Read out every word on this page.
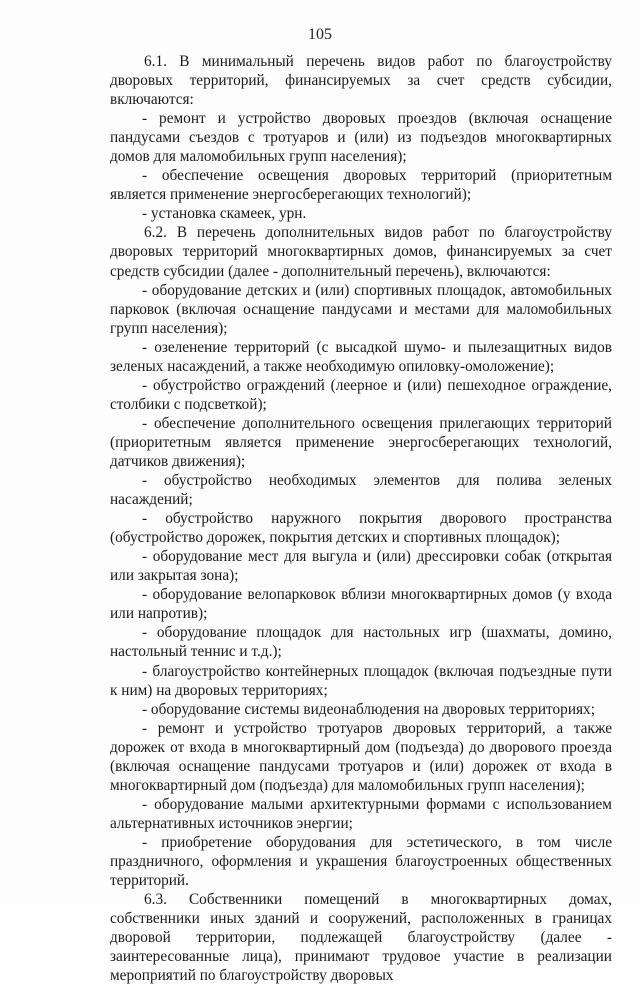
105

6.1. В минимальный перечень видов работ по благоустройству дворовых территорий, финансируемых за счет средств субсидии, включаются:

- ремонт и устройство дворовых проездов (включая оснащение пандусами съездов с тротуаров и (или) из подъездов многоквартирных домов для маломобильных групп населения);

- обеспечение освещения дворовых территорий (приоритетным является применение энергосберегающих технологий);

- установка скамеек, урн.

6.2. В перечень дополнительных видов работ по благоустройству дворовых территорий многоквартирных домов, финансируемых за счет средств субсидии (далее - дополнительный перечень), включаются:

- оборудование детских и (или) спортивных площадок, автомобильных парковок (включая оснащение пандусами и местами для маломобильных групп населения);

- озеленение территорий (с высадкой шумо- и пылезащитных видов зеленых насаждений, а также необходимую опиловку-омоложение);

- обустройство ограждений (леерное и (или) пешеходное ограждение, столбики с подсветкой);

- обеспечение дополнительного освещения прилегающих территорий (приоритетным является применение энергосберегающих технологий, датчиков движения);

- обустройство необходимых элементов для полива зеленых насаждений;

- обустройство наружного покрытия дворового пространства (обустройство дорожек, покрытия детских и спортивных площадок);

- оборудование мест для выгула и (или) дрессировки собак (открытая или закрытая зона);

- оборудование велопарковок вблизи многоквартирных домов (у входа или напротив);

- оборудование площадок для настольных игр (шахматы, домино, настольный теннис и т.д.);

- благоустройство контейнерных площадок (включая подъездные пути к ним) на дворовых территориях;

- оборудование системы видеонаблюдения на дворовых территориях;

- ремонт и устройство тротуаров дворовых территорий, а также дорожек от входа в многоквартирный дом (подъезда) до дворового проезда (включая оснащение пандусами тротуаров и (или) дорожек от входа в многоквартирный дом (подъезда) для маломобильных групп населения);

- оборудование малыми архитектурными формами с использованием альтернативных источников энергии;

- приобретение оборудования для эстетического, в том числе праздничного, оформления и украшения благоустроенных общественных территорий.

6.3. Собственники помещений в многоквартирных домах, собственники иных зданий и сооружений, расположенных в границах дворовой территории, подлежащей благоустройству (далее - заинтересованные лица), принимают трудовое участие в реализации мероприятий по благоустройству дворовых
